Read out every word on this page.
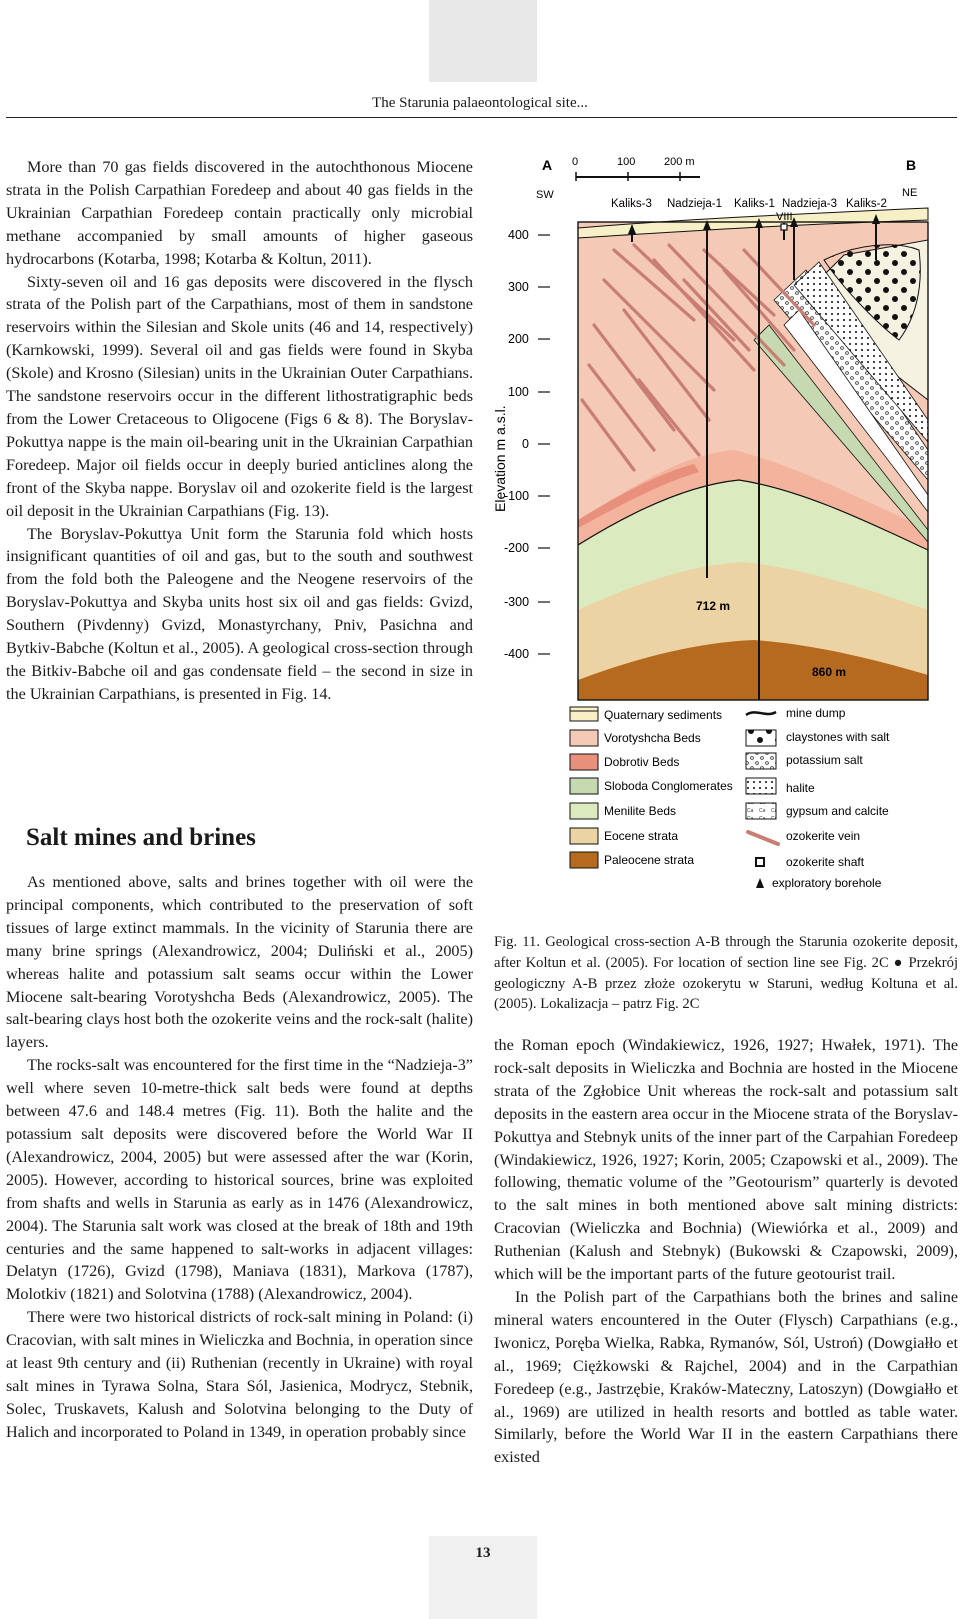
The Starunia palaeontological site...

More than 70 gas fields discovered in the autochthonous Miocene strata in the Polish Carpathian Foredeep and about 40 gas fields in the Ukrainian Carpathian Foredeep contain practically only microbial methane accompanied by small amounts of higher gaseous hydrocarbons (Kotarba, 1998; Kotarba & Koltun, 2011).

Sixty-seven oil and 16 gas deposits were discovered in the flysch strata of the Polish part of the Carpathians, most of them in sandstone reservoirs within the Silesian and Skole units (46 and 14, respectively) (Karnkowski, 1999). Several oil and gas fields were found in Skyba (Skole) and Krosno (Silesian) units in the Ukrainian Outer Carpathians. The sandstone reservoirs occur in the different lithostratigraphic beds from the Lower Cretaceous to Oligocene (Figs 6 & 8). The Boryslav-Pokuttya nappe is the main oil-bearing unit in the Ukrainian Carpathian Foredeep. Major oil fields occur in deeply buried anticlines along the front of the Skyba nappe. Boryslav oil and ozokerite field is the largest oil deposit in the Ukrainian Carpathians (Fig. 13).

The Boryslav-Pokuttya Unit form the Starunia fold which hosts insignificant quantities of oil and gas, but to the south and southwest from the fold both the Paleogene and the Neogene reservoirs of the Boryslav-Pokuttya and Skyba units host six oil and gas fields: Gvizd, Southern (Pivdenny) Gvizd, Monastyrchany, Pniv, Pasichna and Bytkiv-Babche (Koltun et al., 2005). A geological cross-section through the Bitkiv-Babche oil and gas condensate field – the second in size in the Ukrainian Carpathians, is presented in Fig. 14.

Salt mines and brines

As mentioned above, salts and brines together with oil were the principal components, which contributed to the preservation of soft tissues of large extinct mammals. In the vicinity of Starunia there are many brine springs (Alexandrowicz, 2004; Duliński et al., 2005) whereas halite and potassium salt seams occur within the Lower Miocene salt-bearing Vorotyshcha Beds (Alexandrowicz, 2005). The salt-bearing clays host both the ozokerite veins and the rock-salt (halite) layers.

The rocks-salt was encountered for the first time in the “Nadzieja-3” well where seven 10-metre-thick salt beds were found at depths between 47.6 and 148.4 metres (Fig. 11). Both the halite and the potassium salt deposits were discovered before the World War II (Alexandrowicz, 2004, 2005) but were assessed after the war (Korin, 2005). However, according to historical sources, brine was exploited from shafts and wells in Starunia as early as in 1476 (Alexandrowicz, 2004). The Starunia salt work was closed at the break of 18th and 19th centuries and the same happened to salt-works in adjacent villages: Delatyn (1726), Gvizd (1798), Maniava (1831), Markova (1787), Molotkiv (1821) and Solotvina (1788) (Alexandrowicz, 2004).

There were two historical districts of rock-salt mining in Poland: (i) Cracovian, with salt mines in Wieliczka and Bochnia, in operation since at least 9th century and (ii) Ruthenian (recently in Ukraine) with royal salt mines in Tyrawa Solna, Stara Sól, Jasienica, Modrycz, Stebnik, Solec, Truskavets, Kalush and Solotvina belonging to the Duty of Halich and incorporated to Poland in 1349, in operation probably since

A	B
SW	NE
0	100	200 m
Elevation m a.s.l.
400
300
200
100
0
-100
-200
-300
-400
Kaliks-3 Nadzieja-1 Kaliks-1 Nadzieja-3 Kaliks-2
VIII
712 m
860 m
Quaternary sediments
Vorotyshcha Beds
Dobrotiv Beds
Sloboda Conglomerates
Menilite Beds
Eocene strata
Paleocene strata
mine dump
claystones with salt
potassium salt
halite
gypsum and calcite
ozokerite vein
ozokerite shaft
exploratory borehole
Fig. 11. Geological cross-section A-B through the Starunia ozokerite deposit, after Koltun et al. (2005). For location of section line see Fig. 2C ● Przekrój geologiczny A-B przez złoże ozokerytu w Staruni, według Koltuna et al. (2005). Lokalizacja – patrz Fig. 2C

the Roman epoch (Windakiewicz, 1926, 1927; Hwałek, 1971). The rock-salt deposits in Wieliczka and Bochnia are hosted in the Miocene strata of the Zgłobice Unit whereas the rock-salt and potassium salt deposits in the eastern area occur in the Miocene strata of the Boryslav-Pokuttya and Stebnyk units of the inner part of the Carpahian Foredeep (Windakiewicz, 1926, 1927; Korin, 2005; Czapowski et al., 2009). The following, thematic volume of the ”Geotourism” quarterly is devoted to the salt mines in both mentioned above salt mining districts: Cracovian (Wieliczka and Bochnia) (Wiewiórka et al., 2009) and Ruthenian (Kalush and Stebnyk) (Bukowski & Czapowski, 2009), which will be the important parts of the future geotourist trail.

In the Polish part of the Carpathians both the brines and saline mineral waters encountered in the Outer (Flysch) Carpathians (e.g., Iwonicz, Poręba Wielka, Rabka, Rymanów, Sól, Ustroń) (Dowgiałło et al., 1969; Ciężkowski & Rajchel, 2004) and in the Carpathian Foredeep (e.g., Jastrzębie, Kraków-Mateczny, Latoszyn) (Dowgiałło et al., 1969) are utilized in health resorts and bottled as table water. Similarly, before the World War II in the eastern Carpathians there existed

13
